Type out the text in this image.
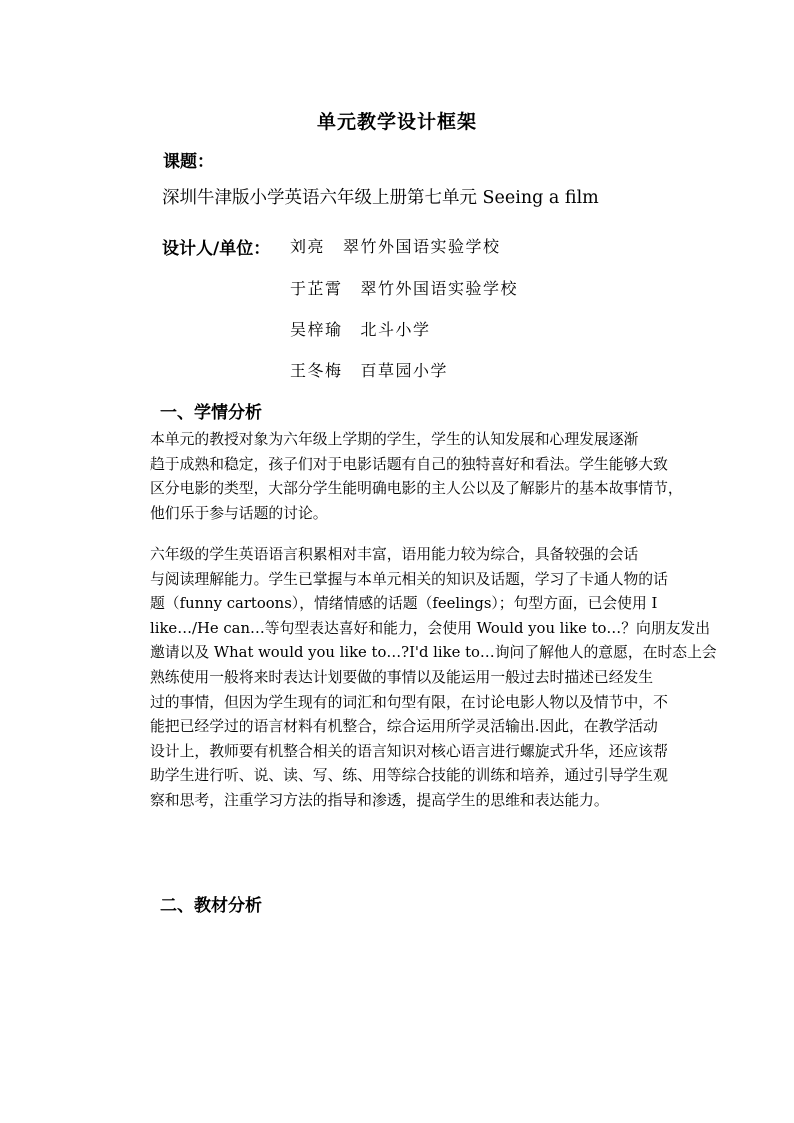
单元教学设计框架
课题：
深圳牛津版小学英语六年级上册第七单元 Seeing a film
设计人/单位： 刘亮 翠竹外国语实验学校
于芷霄 翠竹外国语实验学校
吴梓瑜 北斗小学
王冬梅 百草园小学
一、学情分析
本单元的教授对象为六年级上学期的学生，学生的认知发展和心理发展逐渐
趋于成熟和稳定，孩子们对于电影话题有自己的独特喜好和看法。学生能够大致
区分电影的类型，大部分学生能明确电影的主人公以及了解影片的基本故事情节，
他们乐于参与话题的讨论。
六年级的学生英语语言积累相对丰富，语用能力较为综合，具备较强的会话
与阅读理解能力。学生已掌握与本单元相关的知识及话题，学习了卡通人物的话
题（funny cartoons），情绪情感的话题（feelings）；句型方面，已会使用 I
like…/He can…等句型表达喜好和能力，会使用 Would you like to…？向朋友发出
邀请以及 What would you like to…?I'd like to…询问了解他人的意愿，在时态上会
熟练使用一般将来时表达计划要做的事情以及能运用一般过去时描述已经发生
过的事情，但因为学生现有的词汇和句型有限，在讨论电影人物以及情节中，不
能把已经学过的语言材料有机整合，综合运用所学灵活输出.因此，在教学活动
设计上，教师要有机整合相关的语言知识对核心语言进行螺旋式升华，还应该帮
助学生进行听、说、读、写、练、用等综合技能的训练和培养，通过引导学生观
察和思考，注重学习方法的指导和渗透，提高学生的思维和表达能力。
二、教材分析
